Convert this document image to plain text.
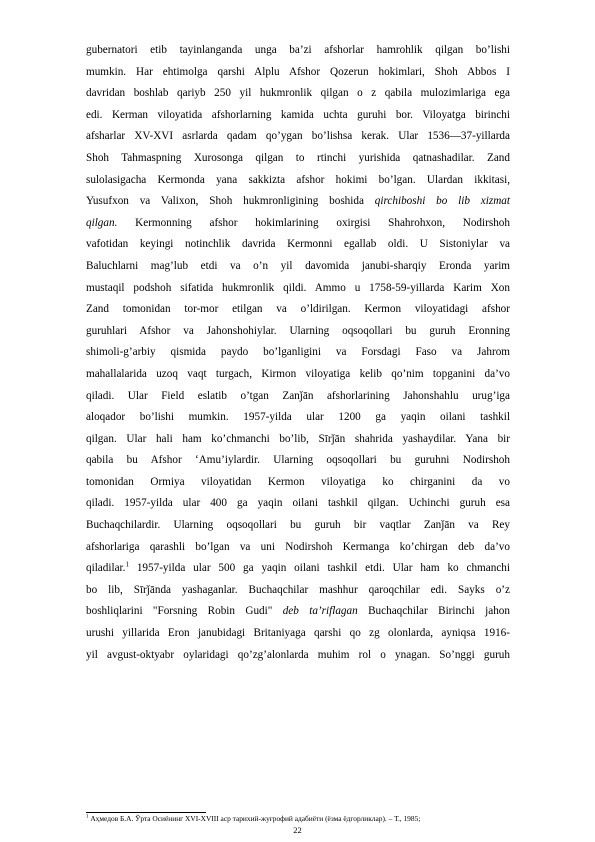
gubernatori etib tayinlanganda unga ba’zi afshorlar hamrohlik qilgan bo’lishi
mumkin. Har ehtimolga qarshi Alplu Afshor Qozerun hokimlari, Shoh Abbos I
davridan boshlab qariyb 250 yil hukmronlik qilgan o z qabila mulozimlariga ega
edi. Kerman viloyatida afshorlarning kamida uchta guruhi bor. Viloyatga birinchi
afsharlar XV-XVI asrlarda qadam qo’ygan bo’lishsa kerak. Ular 1536—37-yillarda
Shoh Tahmaspning Xurosonga qilgan to rtinchi yurishida qatnashadilar. Zand
sulolasigacha Kermonda yana sakkizta afshor hokimi bo’lgan. Ulardan ikkitasi,
Yusufxon va Valixon, Shoh hukmronligining boshida qirchiboshi bo lib xizmat
qilgan. Kermonning afshor hokimlarining oxirgisi Shahrohxon, Nodirshoh
vafotidan keyingi notinchlik davrida Kermonni egallab oldi. U Sistoniylar va
Baluchlarni mag’lub etdi va o’n yil davomida janubi-sharqiy Eronda yarim
mustaqil podshoh sifatida hukmronlik qildi. Ammo u 1758-59-yillarda Karim Xon
Zand tomonidan tor-mor etilgan va o’ldirilgan. Kermon viloyatidagi afshor
guruhlari Afshor va Jahonshohiylar. Ularning oqsoqollari bu guruh Eronning
shimoli-g’arbiy qismida paydo bo’lganligini va Forsdagi Faso va Jahrom
mahallalarida uzoq vaqt turgach, Kirmon viloyatiga kelib qo’nim topganini da’vo
qiladi. Ular Field eslatib o’tgan Zanǰān afshorlarining Jahonshahlu urug’iga
aloqador bo’lishi mumkin. 1957-yilda ular 1200 ga yaqin oilani tashkil
qilgan. Ular hali ham ko’chmanchi bo’lib, Sīrǰān shahrida yashaydilar. Yana bir
qabila bu Afshor ‘Amu’iylardir. Ularning oqsoqollari bu guruhni Nodirshoh
tomonidan Ormiya viloyatidan Kermon viloyatiga ko chirganini da vo
qiladi. 1957-yilda ular 400 ga yaqin oilani tashkil qilgan. Uchinchi guruh esa
Buchaqchilardir. Ularning oqsoqollari bu guruh bir vaqtlar Zanǰān va Rey
afshorlariga qarashli bo’lgan va uni Nodirshoh Kermanga ko’chirgan deb da’vo
qiladilar.$^1$ 1957-yilda ular 500 ga yaqin oilani tashkil etdi. Ular ham ko chmanchi
bo lib, Sīrǰānda yashaganlar. Buchaqchilar mashhur qaroqchilar edi. Sayks o’z
boshliqlarini "Forsning Robin Gudi" deb ta’riflagan Buchaqchilar Birinchi jahon
urushi yillarida Eron janubidagi Britaniyaga qarshi qo zg olonlarda, ayniqsa 1916-
yil avgust-oktyabr oylaridagi qo’zg’alonlarda muhim rol o ynagan. So’nggi guruh
$^1$ Аҳмедов Б.А. Ўрта Осиёнинг XVI-XVIII аср тарихий-жуғрофий адабиёти (ёзма ёдгорликлар). – Т., 1985;
22
